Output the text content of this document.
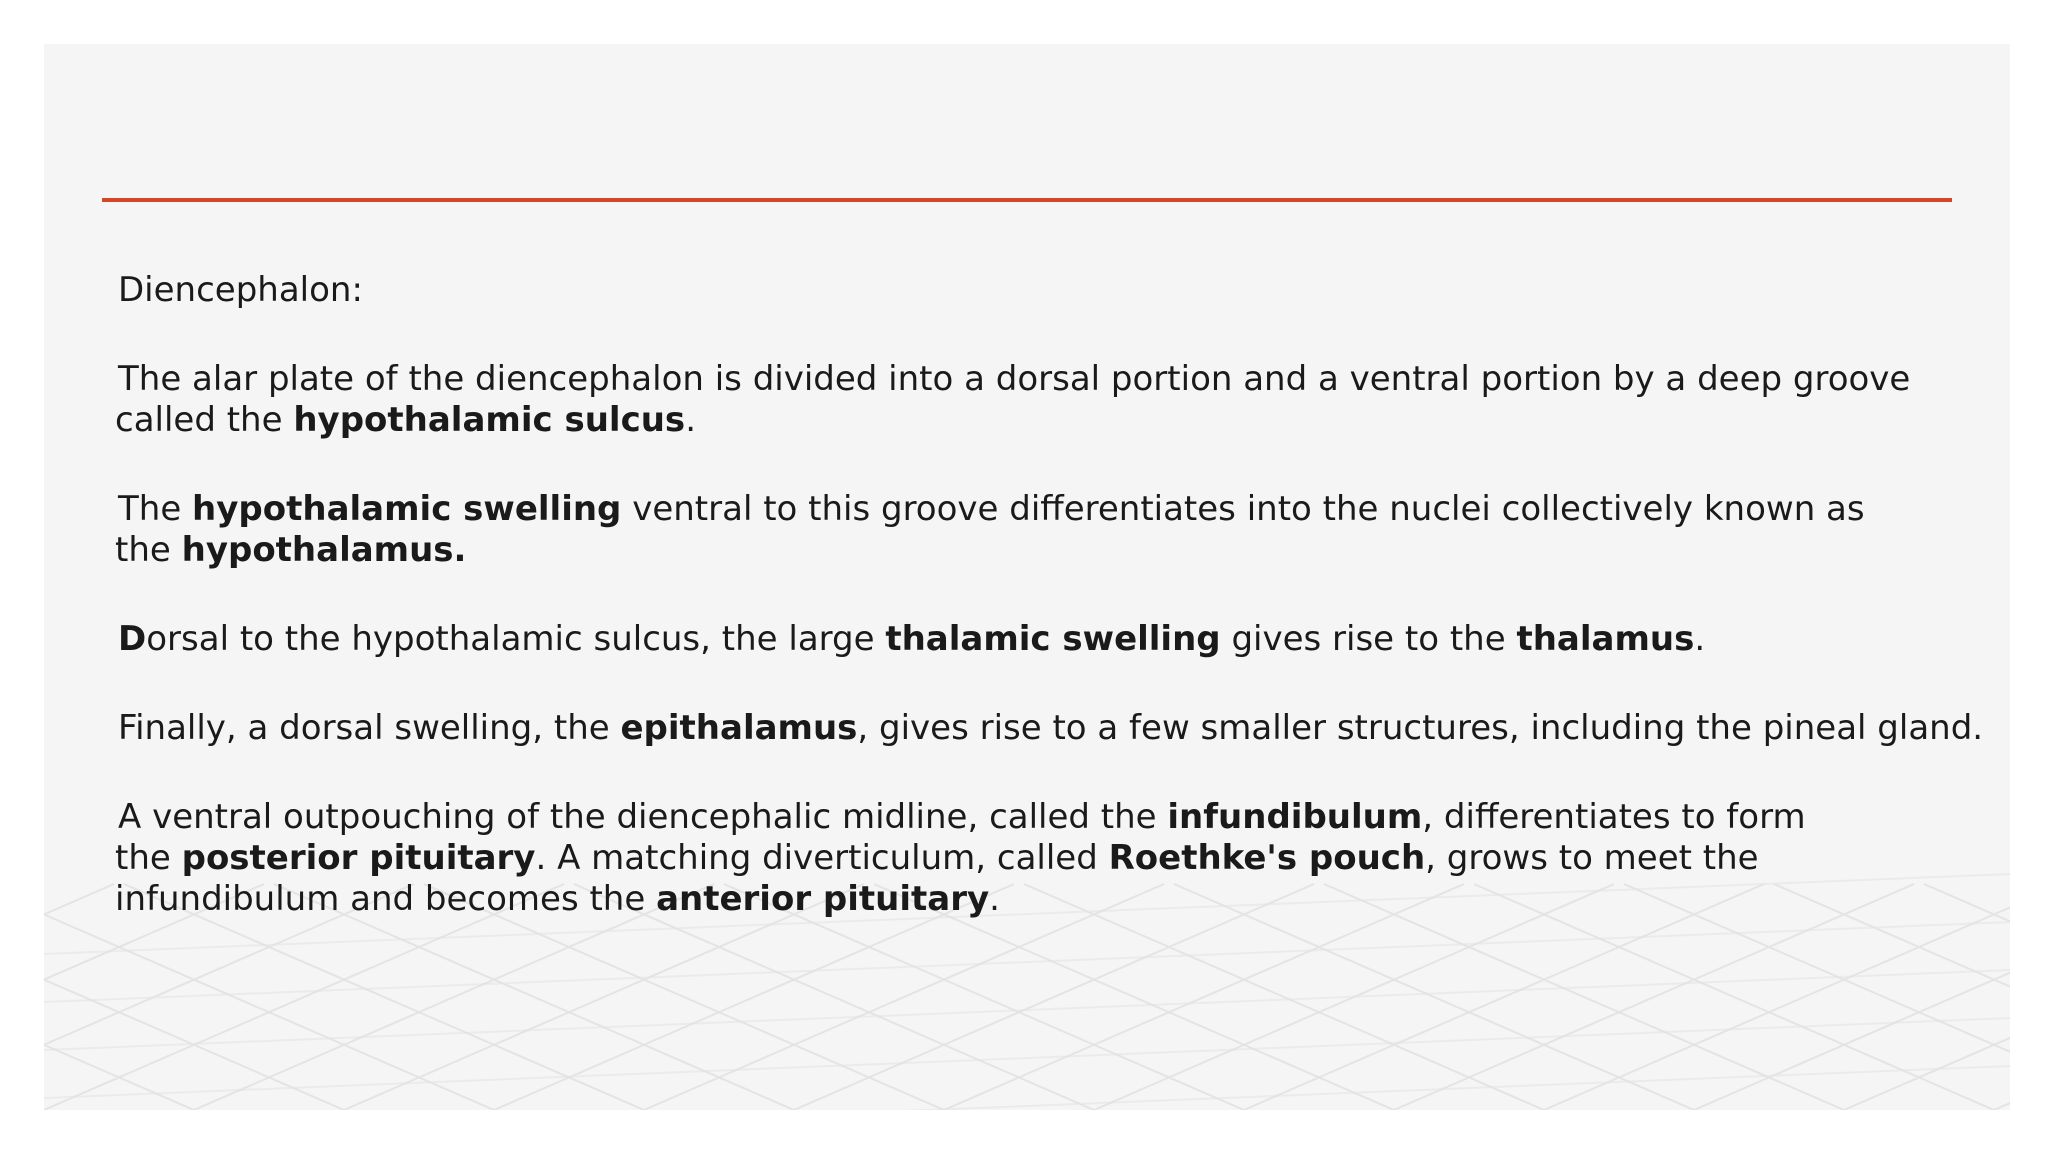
Diencephalon:

The alar plate of the diencephalon is divided into a dorsal portion and a ventral portion by a deep groove
called the hypothalamic sulcus.

The hypothalamic swelling ventral to this groove differentiates into the nuclei collectively known as
the hypothalamus.

Dorsal to the hypothalamic sulcus, the large thalamic swelling gives rise to the thalamus.

Finally, a dorsal swelling, the epithalamus, gives rise to a few smaller structures, including the pineal gland.

A ventral outpouching of the diencephalic midline, called the infundibulum, differentiates to form
the posterior pituitary. A matching diverticulum, called Roethke's pouch, grows to meet the
infundibulum and becomes the anterior pituitary.
